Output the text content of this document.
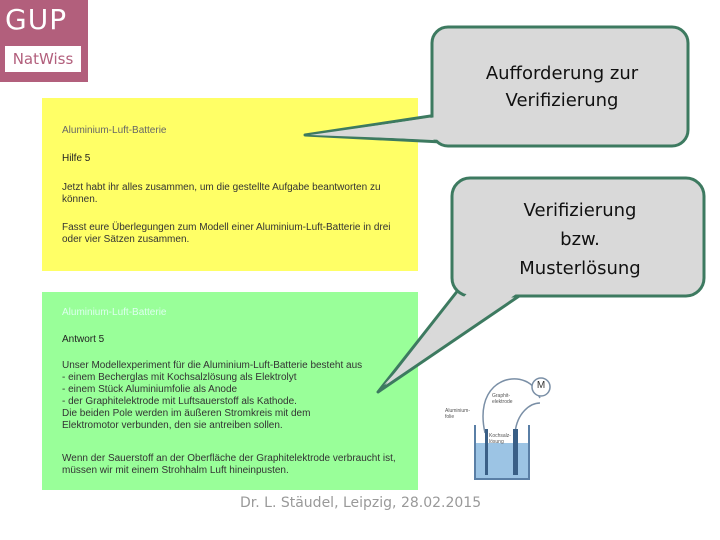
GUP
NatWiss
Aluminium-Luft-Batterie
Hilfe 5
Jetzt habt ihr alles zusammen, um die gestellte Aufgabe beantworten zu können.
Fasst eure Überlegungen zum Modell einer Aluminium-Luft-Batterie in drei oder vier Sätzen zusammen.
Aluminium-Luft-Batterie
Antwort 5
Unser Modellexperiment für die Aluminium-Luft-Batterie besteht aus
- einem Becherglas mit Kochsalzlösung als Elektrolyt
- einem Stück Aluminiumfolie als Anode
- der Graphitelektrode mit Luftsauerstoff als Kathode.
Die beiden Pole werden im äußeren Stromkreis mit dem
Elektromotor verbunden, den sie antreiben sollen.
Wenn der Sauerstoff an der Oberfläche der Graphitelektrode verbraucht ist, müssen wir mit einem Strohhalm Luft hineinpusten.
Aufforderung zur
Verifizierung
Verifizierung
bzw.
Musterlösung
M
Aluminium-
folie
Graphit-
elektrode
Kochsalz-
lösung
Dr. L. Stäudel, Leipzig, 28.02.2015
